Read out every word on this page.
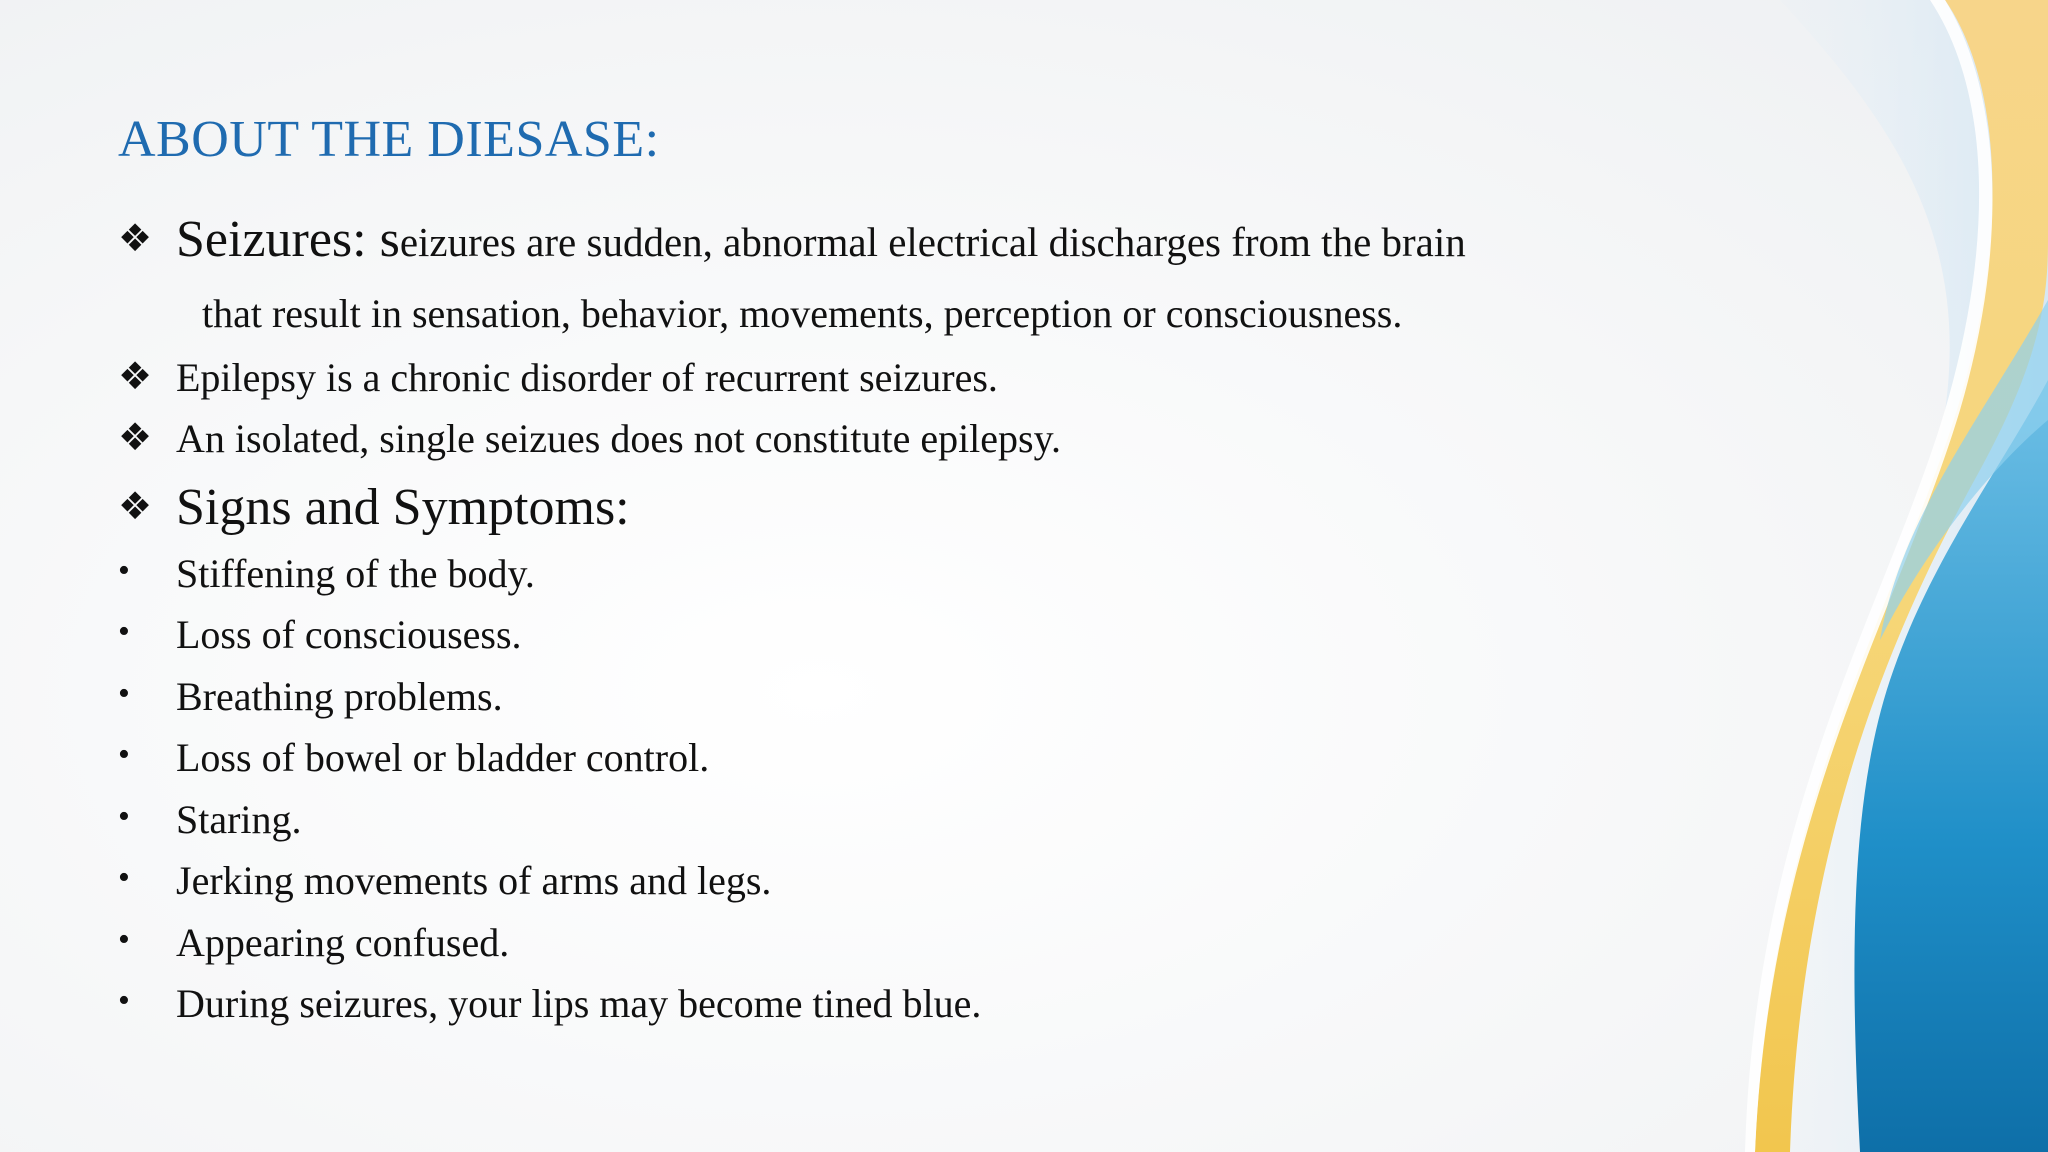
ABOUT THE DIESASE:
❖ Seizures: seizures are sudden, abnormal electrical discharges from the brain
that result in sensation, behavior, movements, perception or consciousness.
❖ Epilepsy is a chronic disorder of recurrent seizures.
❖ An isolated, single seizues does not constitute epilepsy.
❖ Signs and Symptoms:
• Stiffening of the body.
• Loss of consciousess.
• Breathing problems.
• Loss of bowel or bladder control.
• Staring.
• Jerking movements of arms and legs.
• Appearing confused.
• During seizures, your lips may become tined blue.
